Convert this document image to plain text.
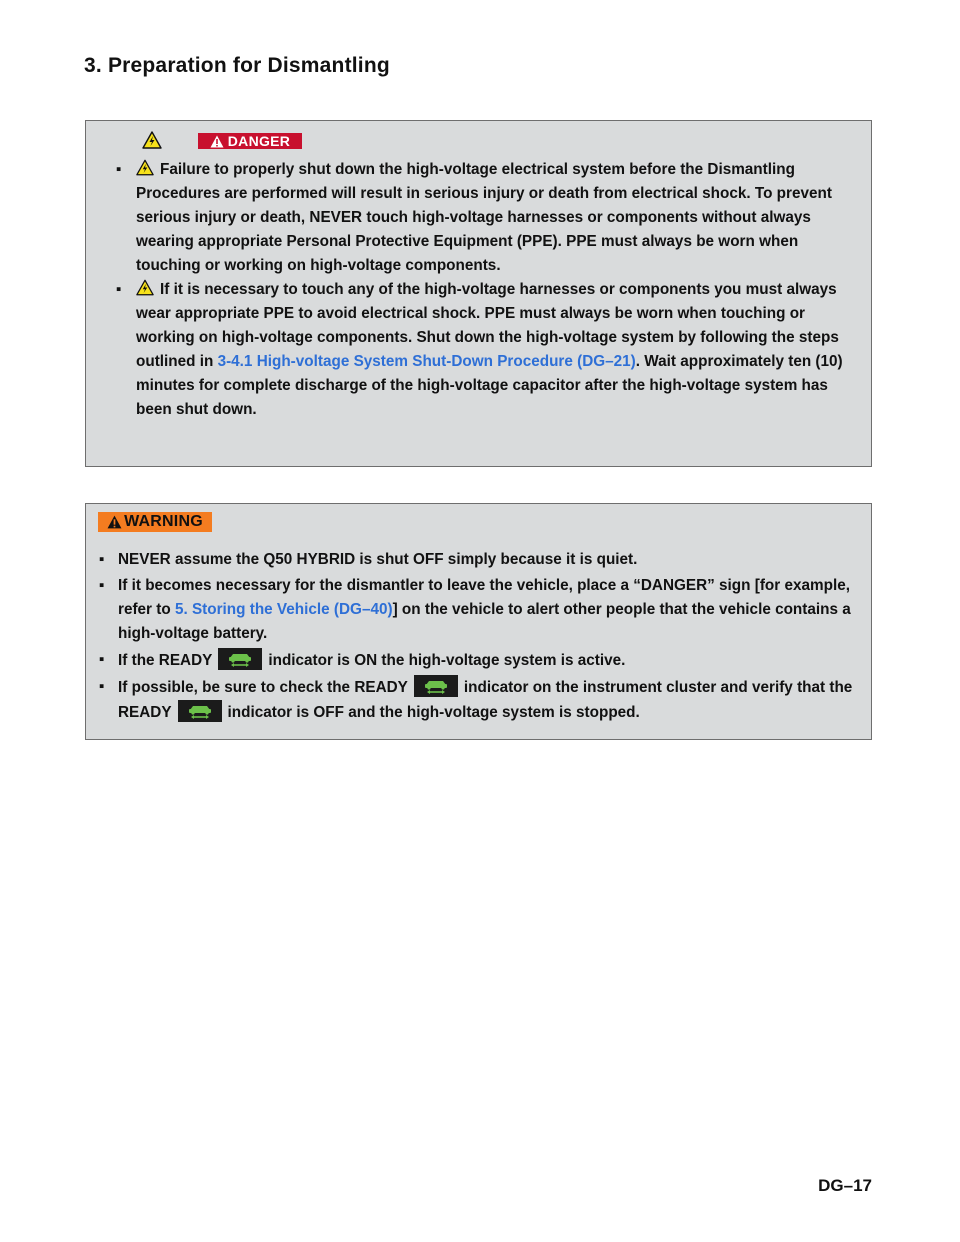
3. Preparation for Dismantling
DANGER
▪	Failure to properly shut down the high-voltage electrical system before the Dismantling Procedures are performed will result in serious injury or death from electrical shock. To prevent serious injury or death, NEVER touch high-voltage harnesses or components without always wearing appropriate Personal Protective Equipment (PPE). PPE must always be worn when touching or working on high-voltage components.
▪	If it is necessary to touch any of the high-voltage harnesses or components you must always wear appropriate PPE to avoid electrical shock. PPE must always be worn when touching or working on high-voltage components. Shut down the high-voltage system by following the steps outlined in 3-4.1 High-voltage System Shut-Down Procedure (DG–21). Wait approximately ten (10) minutes for complete discharge of the high-voltage capacitor after the high-voltage system has been shut down.
WARNING
▪ NEVER assume the Q50 HYBRID is shut OFF simply because it is quiet.
▪ If it becomes necessary for the dismantler to leave the vehicle, place a “DANGER” sign [for example, refer to 5. Storing the Vehicle (DG–40)] on the vehicle to alert other people that the vehicle contains a high-voltage battery.
▪ If the READY	indicator is ON the high-voltage system is active.
▪ If possible, be sure to check the READY	indicator on the instrument cluster and verify that the READY	indicator is OFF and the high-voltage system is stopped.
DG–17
